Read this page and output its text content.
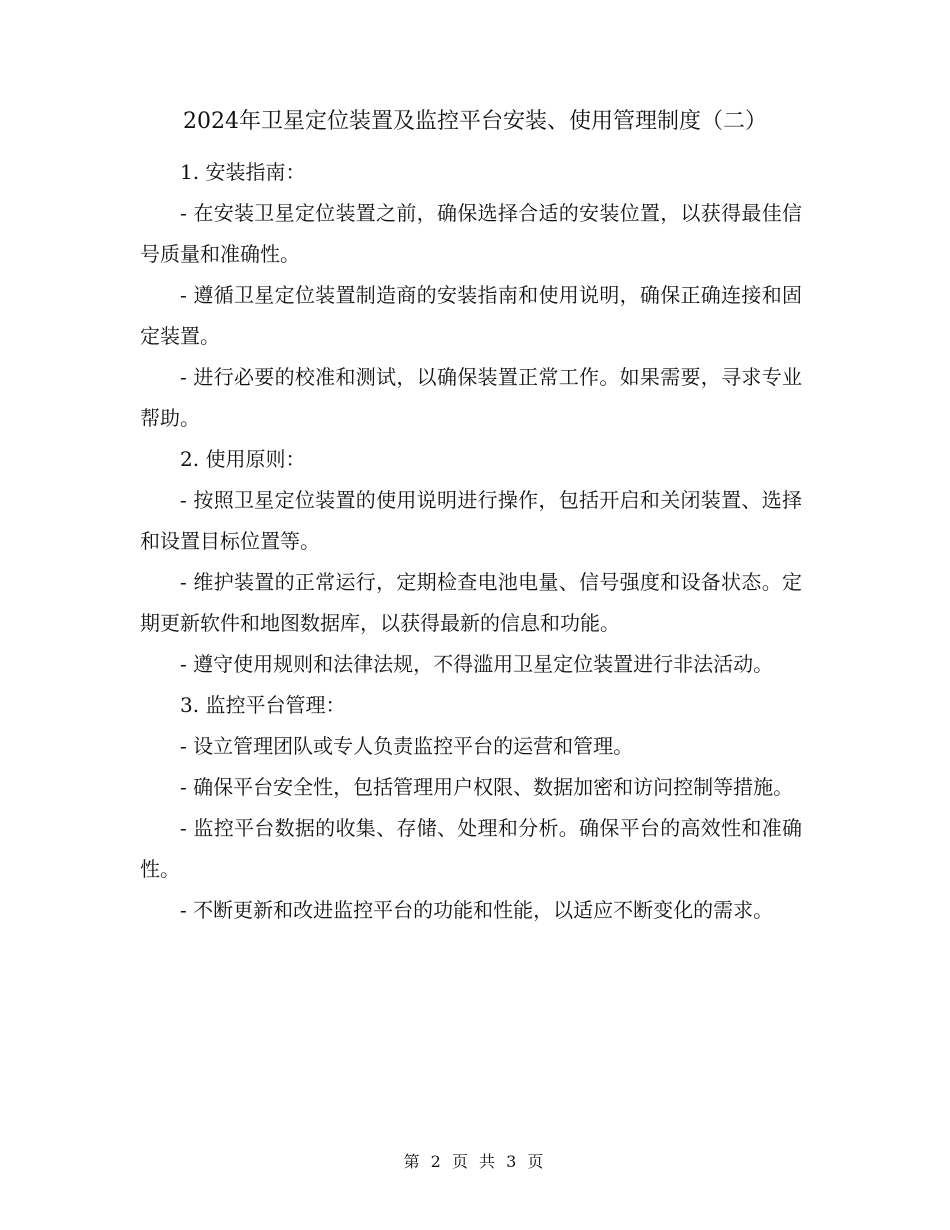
2024年卫星定位装置及监控平台安装、使用管理制度（二）

1. 安装指南：

- 在安装卫星定位装置之前，确保选择合适的安装位置，以获得最佳信号质量和准确性。

- 遵循卫星定位装置制造商的安装指南和使用说明，确保正确连接和固定装置。

- 进行必要的校准和测试，以确保装置正常工作。如果需要，寻求专业帮助。

2. 使用原则：

- 按照卫星定位装置的使用说明进行操作，包括开启和关闭装置、选择和设置目标位置等。

- 维护装置的正常运行，定期检查电池电量、信号强度和设备状态。定期更新软件和地图数据库，以获得最新的信息和功能。

- 遵守使用规则和法律法规，不得滥用卫星定位装置进行非法活动。

3. 监控平台管理：

- 设立管理团队或专人负责监控平台的运营和管理。

- 确保平台安全性，包括管理用户权限、数据加密和访问控制等措施。

- 监控平台数据的收集、存储、处理和分析。确保平台的高效性和准确性。

- 不断更新和改进监控平台的功能和性能，以适应不断变化的需求。

第 2 页 共 3 页
